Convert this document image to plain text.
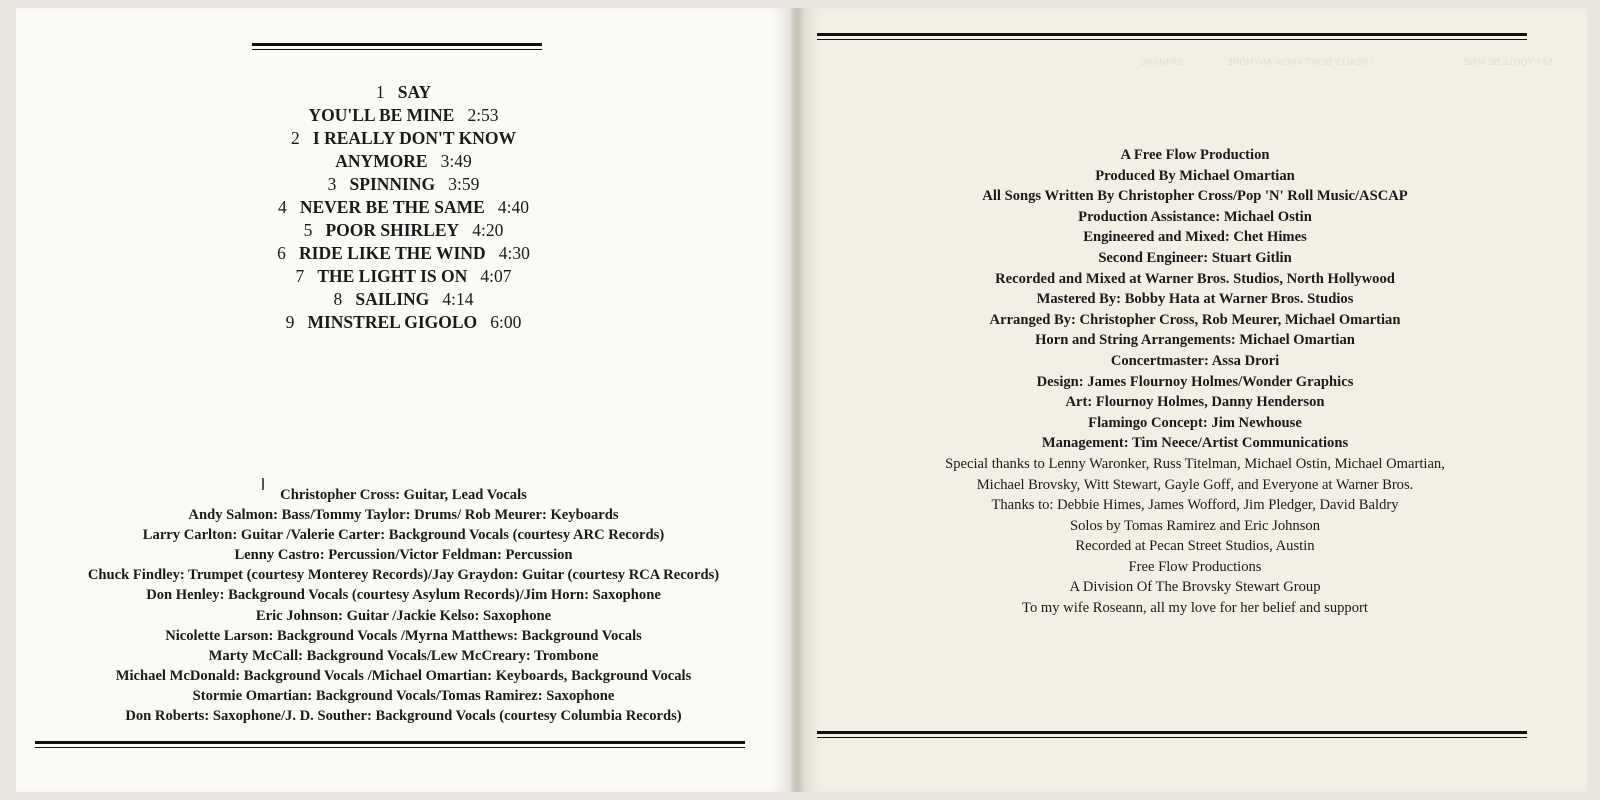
1 SAY
YOU'LL BE MINE 2:53
2 I REALLY DON'T KNOW
ANYMORE 3:49
3 SPINNING 3:59
4 NEVER BE THE SAME 4:40
5 POOR SHIRLEY 4:20
6 RIDE LIKE THE WIND 4:30
7 THE LIGHT IS ON 4:07
8 SAILING 4:14
9 MINSTREL GIGOLO 6:00
Christopher Cross: Guitar, Lead Vocals
Andy Salmon: Bass/Tommy Taylor: Drums/ Rob Meurer: Keyboards
Larry Carlton: Guitar /Valerie Carter: Background Vocals (courtesy ARC Records)
Lenny Castro: Percussion/Victor Feldman: Percussion
Chuck Findley: Trumpet (courtesy Monterey Records)/Jay Graydon: Guitar (courtesy RCA Records)
Don Henley: Background Vocals (courtesy Asylum Records)/Jim Horn: Saxophone
Eric Johnson: Guitar /Jackie Kelso: Saxophone
Nicolette Larson: Background Vocals /Myrna Matthews: Background Vocals
Marty McCall: Background Vocals/Lew McCreary: Trombone
Michael McDonald: Background Vocals /Michael Omartian: Keyboards, Background Vocals
Stormie Omartian: Background Vocals/Tomas Ramirez: Saxophone
Don Roberts: Saxophone/J. D. Souther: Background Vocals (courtesy Columbia Records)
SAY YOU'LL BE MINE
I REALLY DON'T KNOW ANYMORE
SPINNING
A Free Flow Production
Produced By Michael Omartian
All Songs Written By Christopher Cross/Pop 'N' Roll Music/ASCAP
Production Assistance: Michael Ostin
Engineered and Mixed: Chet Himes
Second Engineer: Stuart Gitlin
Recorded and Mixed at Warner Bros. Studios, North Hollywood
Mastered By: Bobby Hata at Warner Bros. Studios
Arranged By: Christopher Cross, Rob Meurer, Michael Omartian
Horn and String Arrangements: Michael Omartian
Concertmaster: Assa Drori
Design: James Flournoy Holmes/Wonder Graphics
Art: Flournoy Holmes, Danny Henderson
Flamingo Concept: Jim Newhouse
Management: Tim Neece/Artist Communications
Special thanks to Lenny Waronker, Russ Titelman, Michael Ostin, Michael Omartian,
Michael Brovsky, Witt Stewart, Gayle Goff, and Everyone at Warner Bros.
Thanks to: Debbie Himes, James Wofford, Jim Pledger, David Baldry
Solos by Tomas Ramirez and Eric Johnson
Recorded at Pecan Street Studios, Austin
Free Flow Productions
A Division Of The Brovsky Stewart Group
To my wife Roseann, all my love for her belief and support
